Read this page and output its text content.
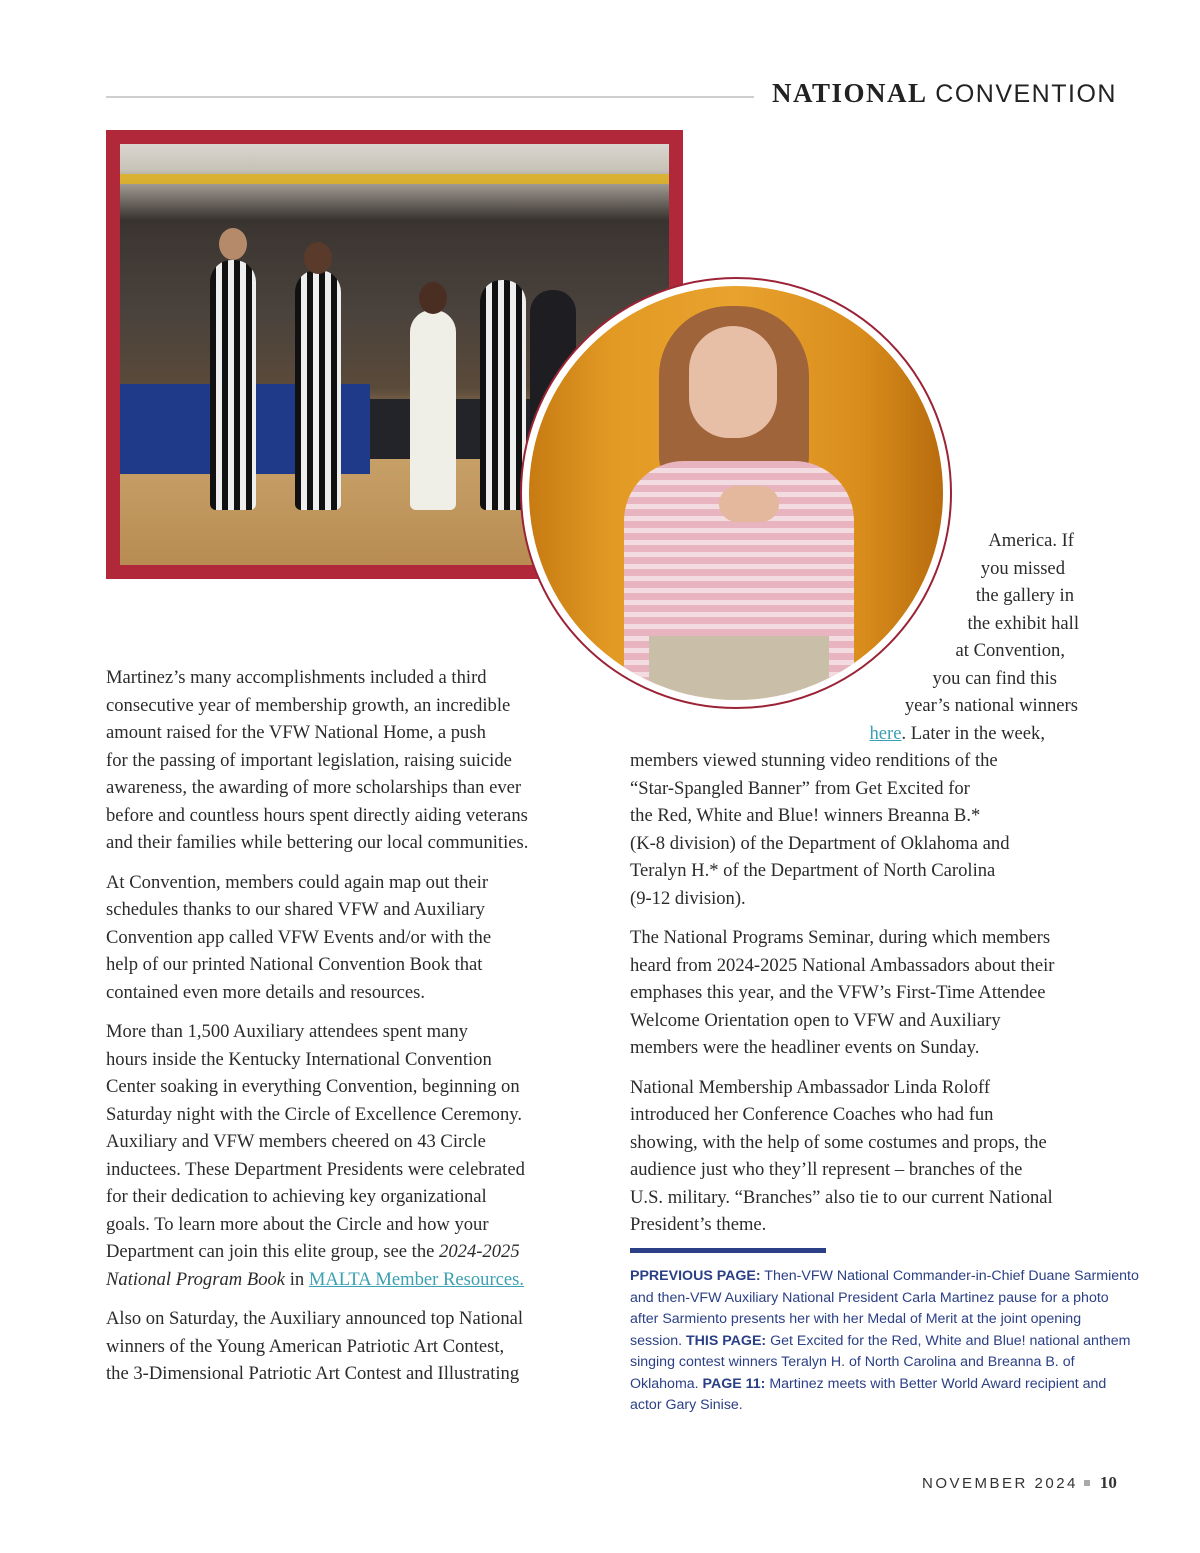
NATIONAL CONVENTION

Martinez’s many accomplishments included a third
consecutive year of membership growth, an incredible
amount raised for the VFW National Home, a push
for the passing of important legislation, raising suicide
awareness, the awarding of more scholarships than ever
before and countless hours spent directly aiding veterans
and their families while bettering our local communities.

At Convention, members could again map out their
schedules thanks to our shared VFW and Auxiliary
Convention app called VFW Events and/or with the
help of our printed National Convention Book that
contained even more details and resources.

More than 1,500 Auxiliary attendees spent many
hours inside the Kentucky International Convention
Center soaking in everything Convention, beginning on
Saturday night with the Circle of Excellence Ceremony.
Auxiliary and VFW members cheered on 43 Circle
inductees. These Department Presidents were celebrated
for their dedication to achieving key organizational
goals. To learn more about the Circle and how your
Department can join this elite group, see the 2024-2025
National Program Book in MALTA Member Resources.

Also on Saturday, the Auxiliary announced top National
winners of the Young American Patriotic Art Contest,
the 3-Dimensional Patriotic Art Contest and Illustrating

America. If
you missed
the gallery in
the exhibit hall
at Convention,
you can find this
year’s national winners
here. Later in the week,

members viewed stunning video renditions of the
“Star-Spangled Banner” from Get Excited for
the Red, White and Blue! winners Breanna B.*
(K-8 division) of the Department of Oklahoma and
Teralyn H.* of the Department of North Carolina
(9-12 division).

The National Programs Seminar, during which members
heard from 2024-2025 National Ambassadors about their
emphases this year, and the VFW’s First-Time Attendee
Welcome Orientation open to VFW and Auxiliary
members were the headliner events on Sunday.

National Membership Ambassador Linda Roloff
introduced her Conference Coaches who had fun
showing, with the help of some costumes and props, the
audience just who they’ll represent – branches of the
U.S. military. “Branches” also tie to our current National
President’s theme.

PPREVIOUS PAGE: Then-VFW National Commander-in-Chief Duane Sarmiento
and then-VFW Auxiliary National President Carla Martinez pause for a photo
after Sarmiento presents her with her Medal of Merit at the joint opening
session. THIS PAGE: Get Excited for the Red, White and Blue! national anthem
singing contest winners Teralyn H. of North Carolina and Breanna B. of
Oklahoma. PAGE 11: Martinez meets with Better World Award recipient and
actor Gary Sinise.
NOVEMBER 2024 10
